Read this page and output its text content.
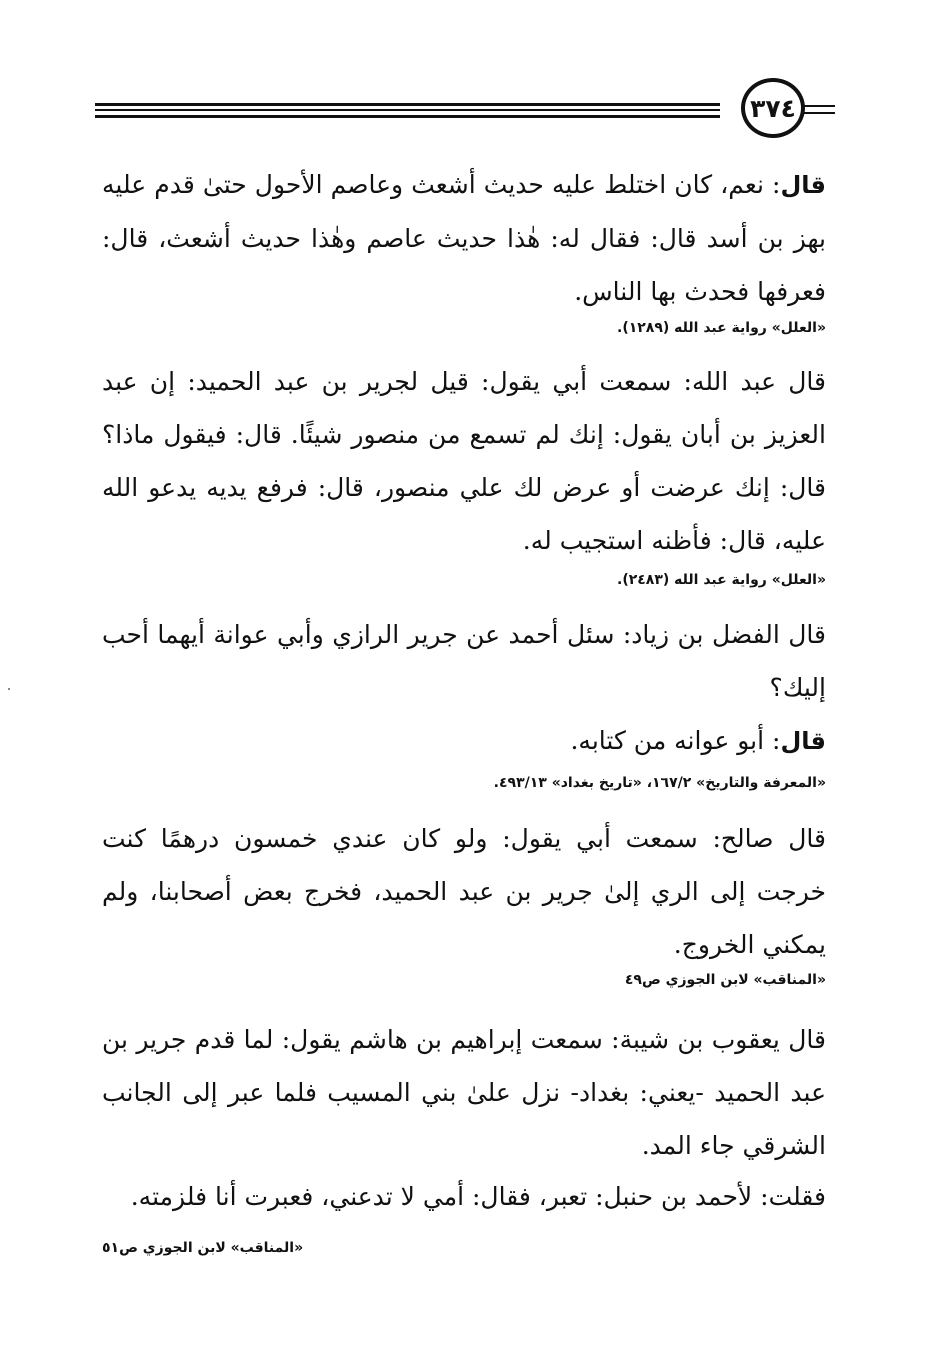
٣٧٤
قال: نعم، كان اختلط عليه حديث أشعث وعاصم الأحول حتىٰ قدم عليه بهز بن أسد قال: فقال له: هٰذا حديث عاصم وهٰذا حديث أشعث، قال: فعرفها فحدث بها الناس.
«العلل» رواية عبد الله (١٢٨٩).
قال عبد الله: سمعت أبي يقول: قيل لجرير بن عبد الحميد: إن عبد العزيز بن أبان يقول: إنك لم تسمع من منصور شيئًا. قال: فيقول ماذا؟ قال: إنك عرضت أو عرض لك علي منصور، قال: فرفع يديه يدعو الله عليه، قال: فأظنه استجيب له.
«العلل» رواية عبد الله (٢٤٨٣).
قال الفضل بن زياد: سئل أحمد عن جرير الرازي وأبي عوانة أيهما أحب إليك؟
قال: أبو عوانه من كتابه.
«المعرفة والتاريخ» ١٦٧/٢، «تاريخ بغداد» ٤٩٣/١٣.
قال صالح: سمعت أبي يقول: ولو كان عندي خمسون درهمًا كنت خرجت إلى الري إلىٰ جرير بن عبد الحميد، فخرج بعض أصحابنا، ولم يمكني الخروج.
«المناقب» لابن الجوزي ص٤٩
قال يعقوب بن شيبة: سمعت إبراهيم بن هاشم يقول: لما قدم جرير بن عبد الحميد -يعني: بغداد- نزل علىٰ بني المسيب فلما عبر إلى الجانب الشرقي جاء المد.
فقلت: لأحمد بن حنبل: تعبر، فقال: أمي لا تدعني، فعبرت أنا فلزمته.
«المناقب» لابن الجوزي ص٥١
